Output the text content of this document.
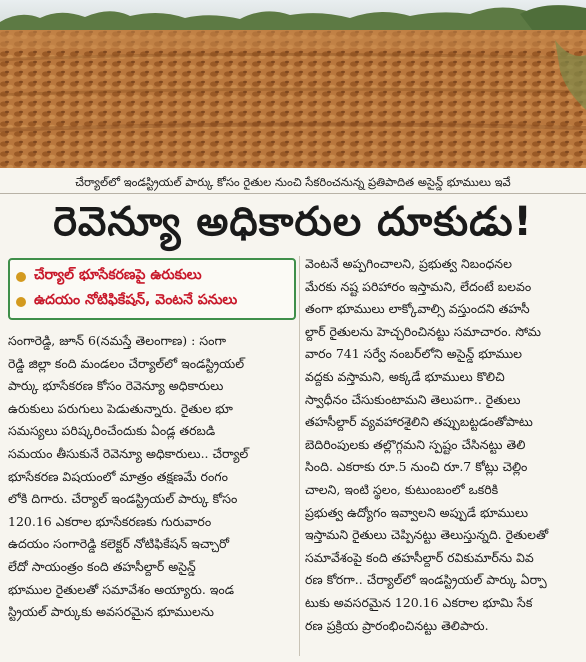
చేర్యాల్‌లో ఇండస్ట్రియల్ పార్కు కోసం రైతుల నుంచి సేకరించనున్న ప్రతిపాదిత అసైన్డ్ భూములు ఇవే
రెవెన్యూ అధికారుల దూకుడు!
చేర్యాల్ భూసేకరణపై ఉరుకులు
ఉదయం నోటిఫికేషన్, వెంటనే పనులు
సంగారెడ్డి, జూన్ 6(నమస్తే తెలంగాణ) : సంగా
రెడ్డి జిల్లా కంది మండలం చేర్యాల్‌లో ఇండస్ట్రియల్
పార్కు భూసేకరణ కోసం రెవెన్యూ అధికారులు
ఉరుకులు పరుగులు పెడుతున్నారు. రైతుల భూ
సమస్యలు పరిష్కరించేందుకు ఏండ్ల తరబడి
సమయం తీసుకునే రెవెన్యూ అధికారులు.. చేర్యాల్
భూసేకరణ విషయంలో మాత్రం తక్షణమే రంగం
లోకి దిగారు. చేర్యాల్ ఇండస్ట్రియల్ పార్కు కోసం
120.16 ఎకరాల భూసేకరణకు గురువారం
ఉదయం సంగారెడ్డి కలెక్టర్ నోటిఫికేషన్ ఇచ్చారో
లేదో సాయంత్రం కంది తహసీల్దార్ అసైన్డ్
భూముల రైతులతో సమావేశం అయ్యారు. ఇండ
స్ట్రియల్ పార్కుకు అవసరమైన భూములను
వెంటనే అప్పగించాలని, ప్రభుత్వ నిబంధనల
మేరకు నష్ట పరిహారం ఇస్తామని, లేదంటే బలవం
తంగా భూములు లాక్కోవాల్సి వస్తుందని తహసీ
ల్దార్ రైతులను హెచ్చరించినట్టు సమాచారం. సోమ
వారం 741 సర్వే నంబర్‌లోని అసైన్డ్ భూముల
వద్దకు వస్తామని, అక్కడే భూములు కొలిచి
స్వాధీనం చేసుకుంటామని తెలుపగా.. రైతులు
తహసీల్దార్ వ్యవహారశైలిని తప్పుబట్టడంతోపాటు
బెదిరింపులకు తల్లొగ్గమని స్పష్టం చేసినట్టు తెలి
సింది. ఎకరాకు రూ.5 నుంచి రూ.7 కోట్లు చెల్లిం
చాలని, ఇంటి స్థలం, కుటుంబంలో ఒకరికి
ప్రభుత్వ ఉద్యోగం ఇవ్వాలని అప్పుడే భూములు
ఇస్తామని రైతులు చెప్పినట్టు తెలుస్తున్నది. రైతులతో
సమావేశంపై కంది తహసీల్దార్ రవికుమార్‌ను వివ
రణ కోరగా.. చేర్యాల్‌లో ఇండస్ట్రియల్ పార్కు ఏర్పా
టుకు అవసరమైన 120.16 ఎకరాల భూమి సేక
రణ ప్రక్రియ ప్రారంభించినట్టు తెలిపారు.
